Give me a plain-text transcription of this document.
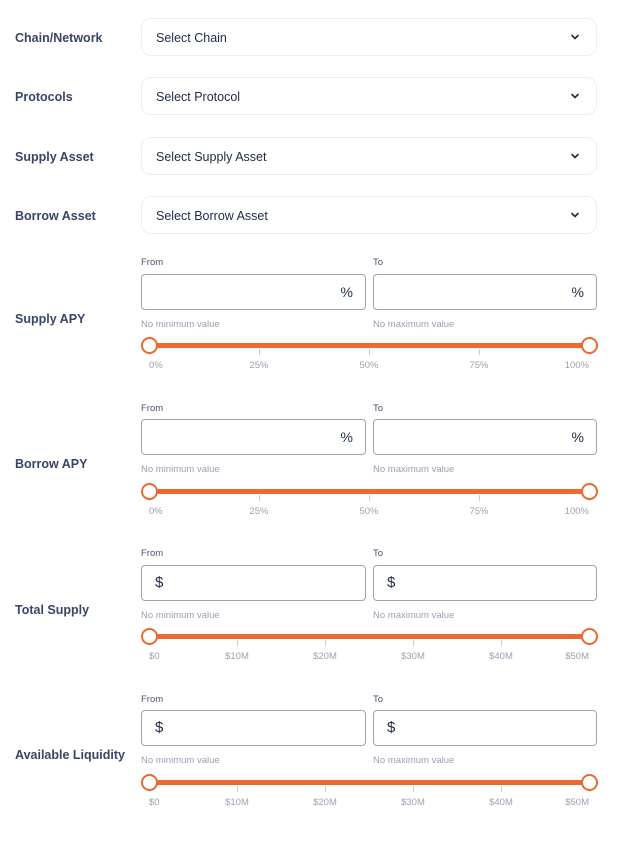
Chain/Network	Select Chain
Protocols	Select Protocol
Supply Asset	Select Supply Asset
Borrow Asset	Select Borrow Asset
Supply APY
From	To
%	%
No minimum value	No maximum value
0%	25%	50%	75%	100%
Borrow APY
From	To
%	%
No minimum value	No maximum value
0%	25%	50%	75%	100%
Total Supply
From	To
$	$
No minimum value	No maximum value
$0	$10M	$20M	$30M	$40M	$50M
Available Liquidity
From	To
$	$
No minimum value	No maximum value
$0	$10M	$20M	$30M	$40M	$50M
